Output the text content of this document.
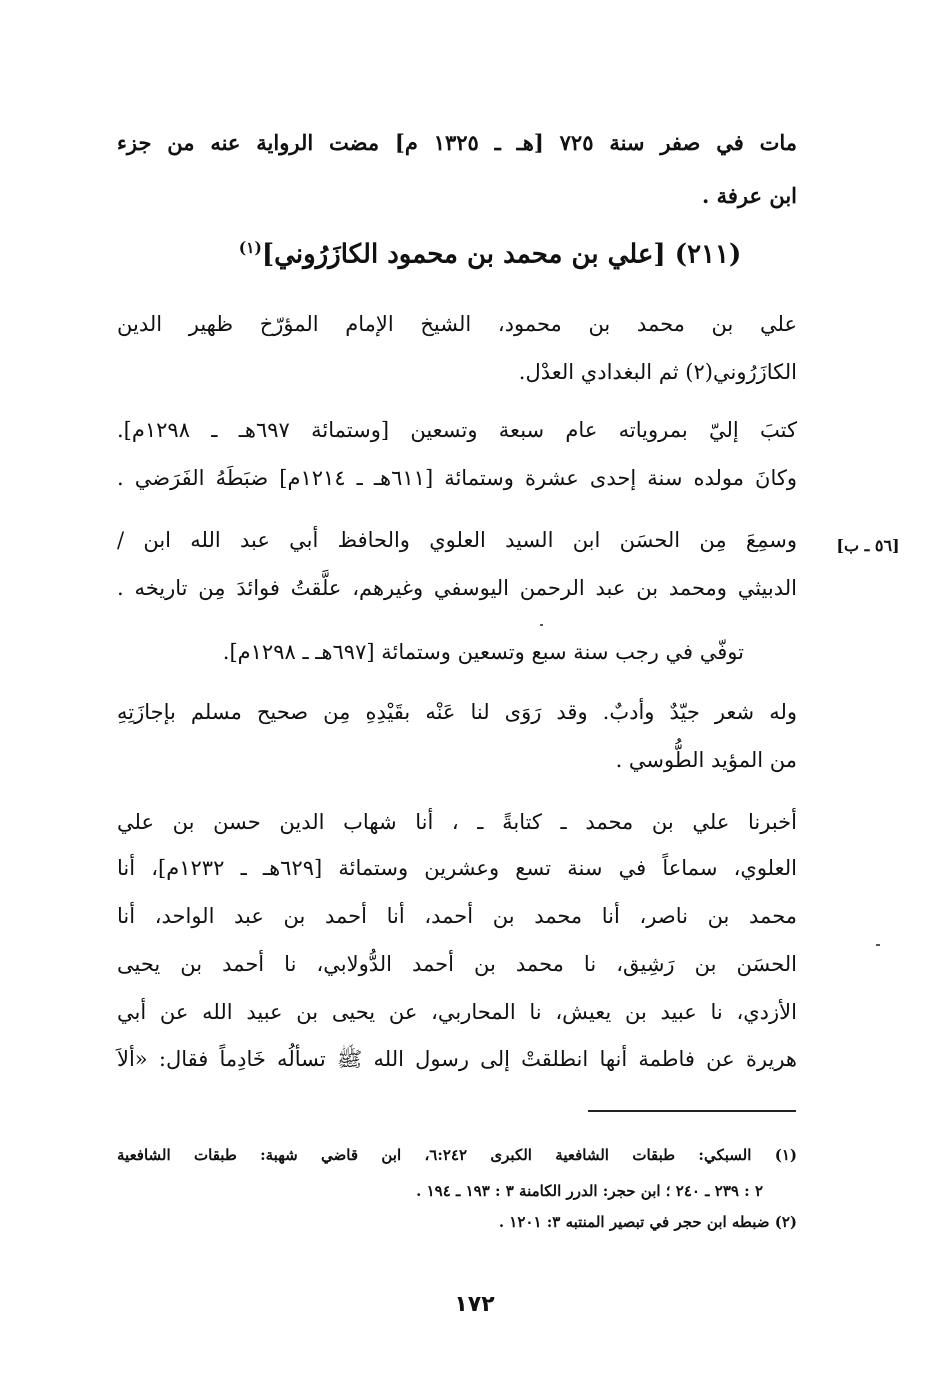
مات في صفر سنة ٧٢٥ [هـ ـ ١٣٢٥ م] مضت الرواية عنه من جزء
ابن عرفة .
(٢١١) [علي بن محمد بن محمود الكازَرُوني]$^{(١)}$
علي بن محمد بن محمود، الشيخ الإمام المؤرّخ ظهير الدين
الكازَرُوني(٢) ثم البغدادي العدْل.
كتبَ إليّ بمروياته عام سبعة وتسعين [وستمائة ٦٩٧هـ ـ ١٢٩٨م].
وكانَ مولده سنة إحدى عشرة وستمائة [٦١١هـ ـ ١٢١٤م] ضبَطَهُ الفَرَضي .
وسمِعَ مِن الحسَن ابن السيد العلوي والحافظ أبي عبد الله ابن /
الدبيثي ومحمد بن عبد الرحمن اليوسفي وغيرهم، علَّقتُ فوائدَ مِن تاريخه .
[٥٦ ـ ب]
توفّي في رجب سنة سبع وتسعين وستمائة [٦٩٧هـ ـ ١٢٩٨م].
وله شعر جيّدٌ وأدبٌ. وقد رَوَى لنا عَنْه بقَيْدِهِ مِن صحيح مسلم بإجازَتِهِ
من المؤيد الطُّوسي .
أخبرنا علي بن محمد ـ كتابةً ـ ، أنا شهاب الدين حسن بن علي
العلوي، سماعاً في سنة تسع وعشرين وستمائة [٦٢٩هـ ـ ١٢٣٢م]، أنا
محمد بن ناصر، أنا محمد بن أحمد، أنا أحمد بن عبد الواحد، أنا
الحسَن بن رَشِيق، نا محمد بن أحمد الدُّولابي، نا أحمد بن يحيى
الأزدي، نا عبيد بن يعيش، نا المحاربي، عن يحيى بن عبيد الله عن أبي
هريرة عن فاطمة أنها انطلقتْ إلى رسول الله ﷺ تسألُه خَادِماً فقال: «ألاَ
(١) السبكي: طبقات الشافعية الكبرى ٦:٢٤٢، ابن قاضي شهبة: طبقات الشافعية
٢ : ٢٣٩ ـ ٢٤٠ ؛ ابن حجر: الدرر الكامنة ٣ : ١٩٣ ـ ١٩٤ .
(٢) ضبطه ابن حجر في تبصير المنتبه ٣: ١٢٠١ .
١٧٢
